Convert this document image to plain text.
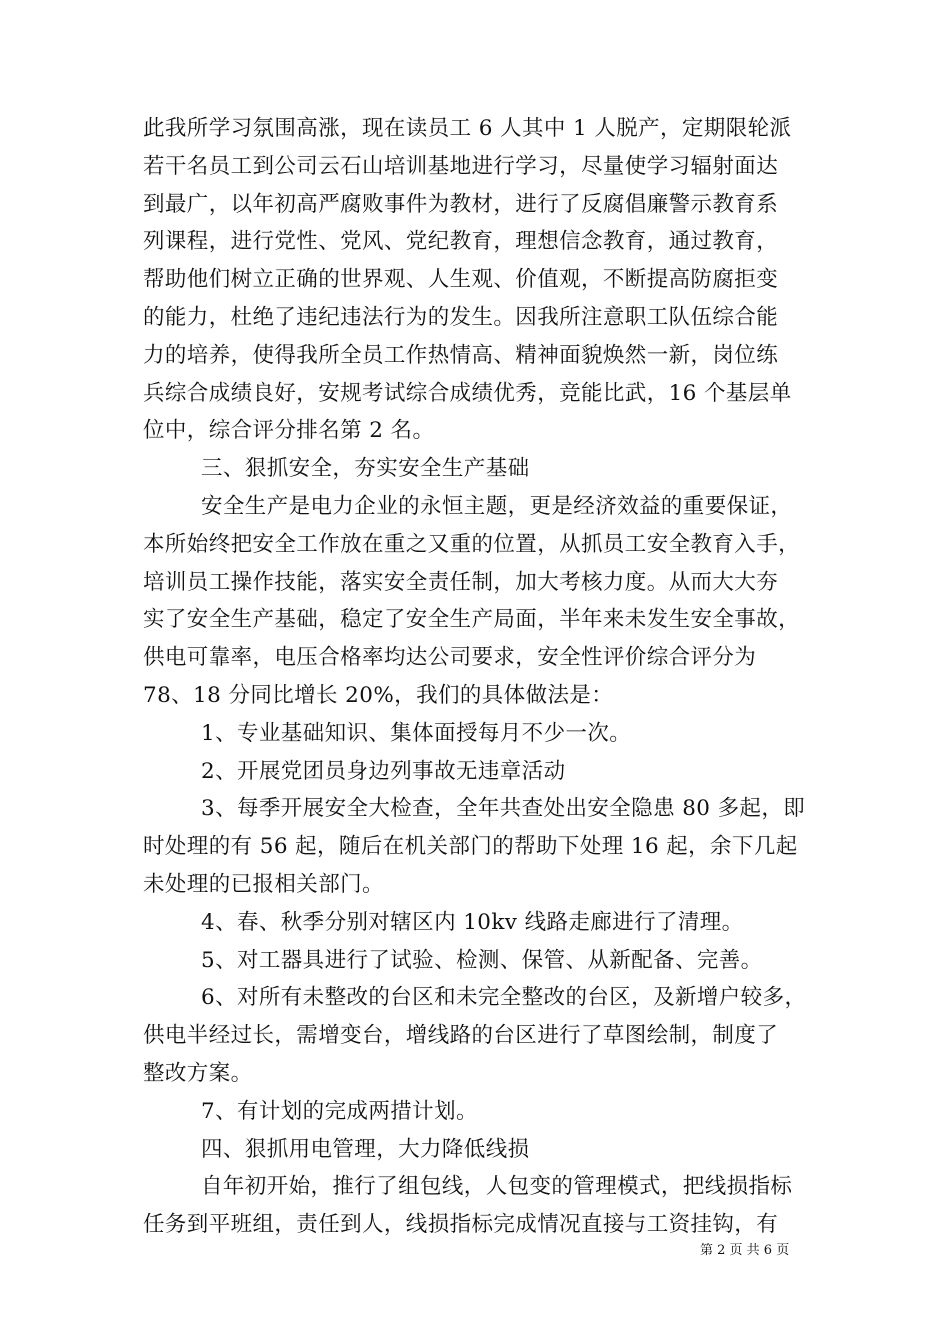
此我所学习氛围高涨，现在读员工 6 人其中 1 人脱产，定期限轮派
若干名员工到公司云石山培训基地进行学习，尽量使学习辐射面达
到最广，以年初高严腐败事件为教材，进行了反腐倡廉警示教育系
列课程，进行党性、党风、党纪教育，理想信念教育，通过教育，
帮助他们树立正确的世界观、人生观、价值观，不断提高防腐拒变
的能力，杜绝了违纪违法行为的发生。因我所注意职工队伍综合能
力的培养，使得我所全员工作热情高、精神面貌焕然一新，岗位练
兵综合成绩良好，安规考试综合成绩优秀，竞能比武，16 个基层单
位中，综合评分排名第 2 名。
三、狠抓安全，夯实安全生产基础
安全生产是电力企业的永恒主题，更是经济效益的重要保证，
本所始终把安全工作放在重之又重的位置，从抓员工安全教育入手，
培训员工操作技能，落实安全责任制，加大考核力度。从而大大夯
实了安全生产基础，稳定了安全生产局面，半年来未发生安全事故，
供电可靠率，电压合格率均达公司要求，安全性评价综合评分为
78、18 分同比增长 20%，我们的具体做法是：
1、专业基础知识、集体面授每月不少一次。
2、开展党团员身边列事故无违章活动
3、每季开展安全大检查，全年共查处出安全隐患 80 多起，即
时处理的有 56 起，随后在机关部门的帮助下处理 16 起，余下几起
未处理的已报相关部门。
4、春、秋季分别对辖区内 10kv 线路走廊进行了清理。
5、对工器具进行了试验、检测、保管、从新配备、完善。
6、对所有未整改的台区和未完全整改的台区，及新增户较多，
供电半经过长，需增变台，增线路的台区进行了草图绘制，制度了
整改方案。
7、有计划的完成两措计划。
四、狠抓用电管理，大力降低线损
自年初开始，推行了组包线，人包变的管理模式，把线损指标
任务到平班组，责任到人，线损指标完成情况直接与工资挂钩，有
第 2 页 共 6 页
